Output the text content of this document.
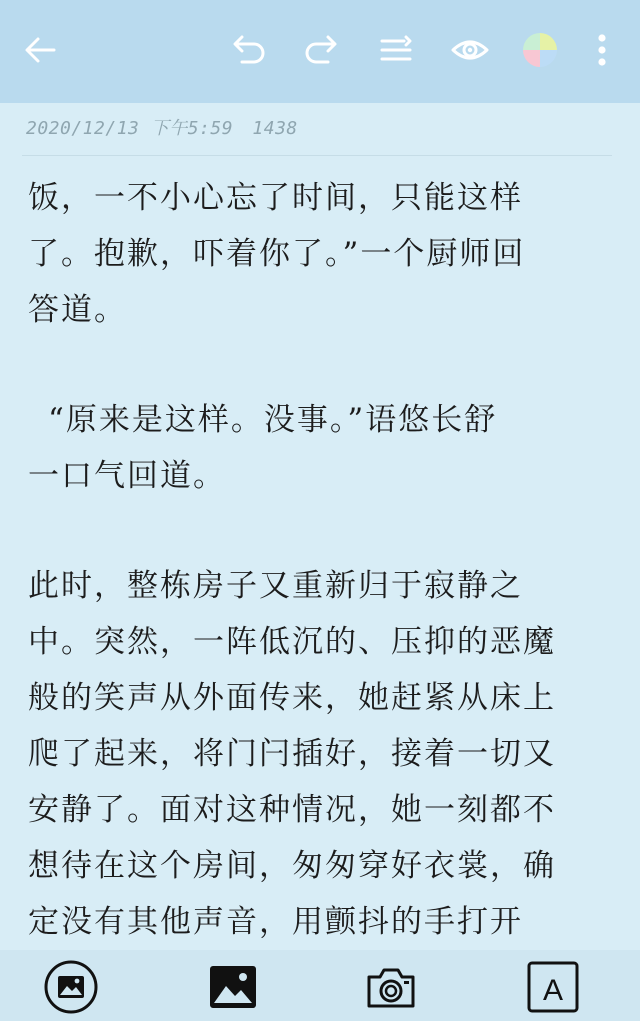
2020/12/13 下午5:59 1438
饭，一不小心忘了时间，只能这样
了。抱歉，吓着你了。”一个厨师回
答道。
“原来是这样。没事。”语悠长舒
一口气回道。
此时，整栋房子又重新归于寂静之
中。突然，一阵低沉的、压抑的恶魔
般的笑声从外面传来，她赶紧从床上
爬了起来，将门闩插好，接着一切又
安静了。面对这种情况，她一刻都不
想待在这个房间，匆匆穿好衣裳，确
定没有其他声音，用颤抖的手打开
A
